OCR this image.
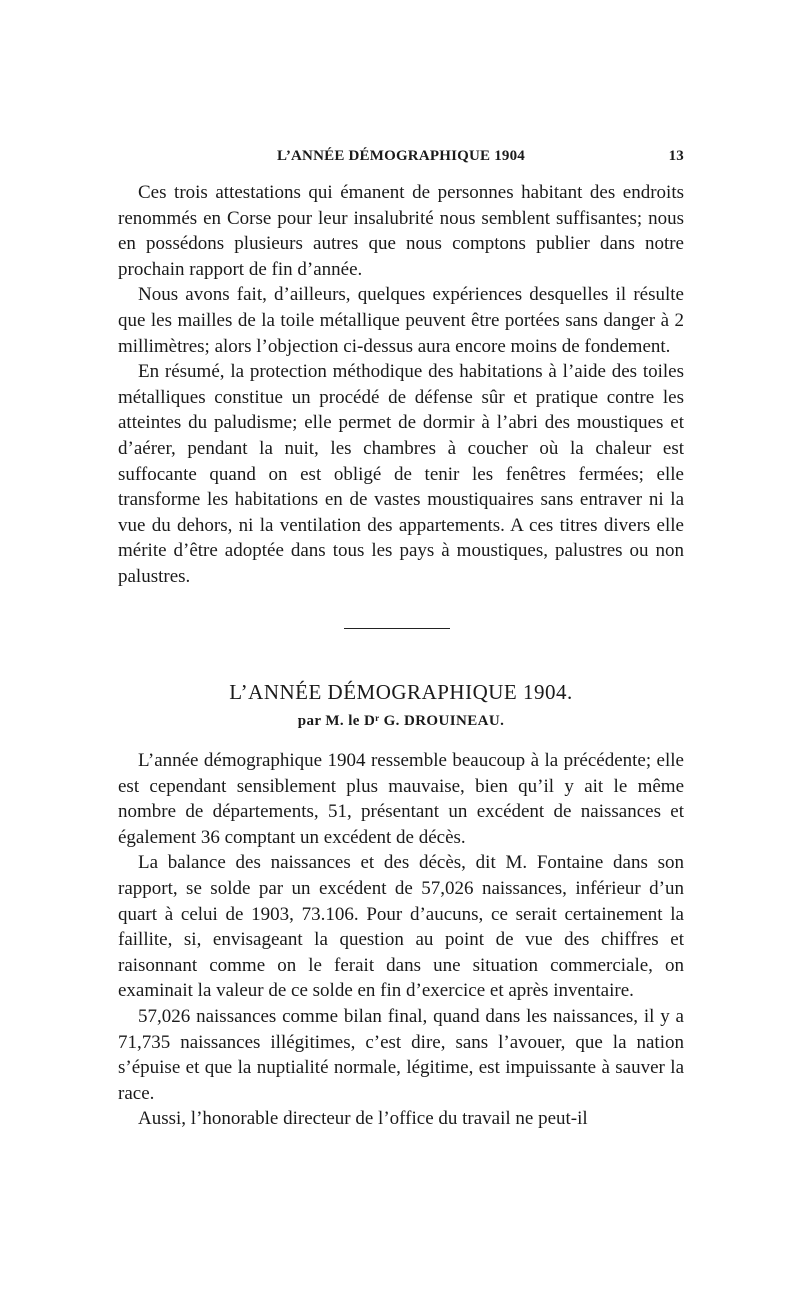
L’ANNÉE DÉMOGRAPHIQUE 1904	13

Ces trois attestations qui émanent de personnes habitant des endroits renommés en Corse pour leur insalubrité nous semblent suffisantes; nous en possédons plusieurs autres que nous comptons publier dans notre prochain rapport de fin d’année.

Nous avons fait, d’ailleurs, quelques expériences desquelles il résulte que les mailles de la toile métallique peuvent être portées sans danger à 2 millimètres; alors l’objection ci-dessus aura encore moins de fondement.

En résumé, la protection méthodique des habitations à l’aide des toiles métalliques constitue un procédé de défense sûr et pratique contre les atteintes du paludisme; elle permet de dormir à l’abri des moustiques et d’aérer, pendant la nuit, les chambres à coucher où la chaleur est suffocante quand on est obligé de tenir les fenêtres fermées; elle transforme les habitations en de vastes moustiquaires sans entraver ni la vue du dehors, ni la ventilation des appartements. A ces titres divers elle mérite d’être adoptée dans tous les pays à moustiques, palustres ou non palustres.

L’ANNÉE DÉMOGRAPHIQUE 1904.
par M. le Dʳ G. DROUINEAU.

L’année démographique 1904 ressemble beaucoup à la précédente; elle est cependant sensiblement plus mauvaise, bien qu’il y ait le même nombre de départements, 51, présentant un excédent de naissances et également 36 comptant un excédent de décès.

La balance des naissances et des décès, dit M. Fontaine dans son rapport, se solde par un excédent de 57,026 naissances, inférieur d’un quart à celui de 1903, 73.106. Pour d’aucuns, ce serait certainement la faillite, si, envisageant la question au point de vue des chiffres et raisonnant comme on le ferait dans une situation commerciale, on examinait la valeur de ce solde en fin d’exercice et après inventaire.

57,026 naissances comme bilan final, quand dans les naissances, il y a 71,735 naissances illégitimes, c’est dire, sans l’avouer, que la nation s’épuise et que la nuptialité normale, légitime, est impuissante à sauver la race.

Aussi, l’honorable directeur de l’office du travail ne peut-il
